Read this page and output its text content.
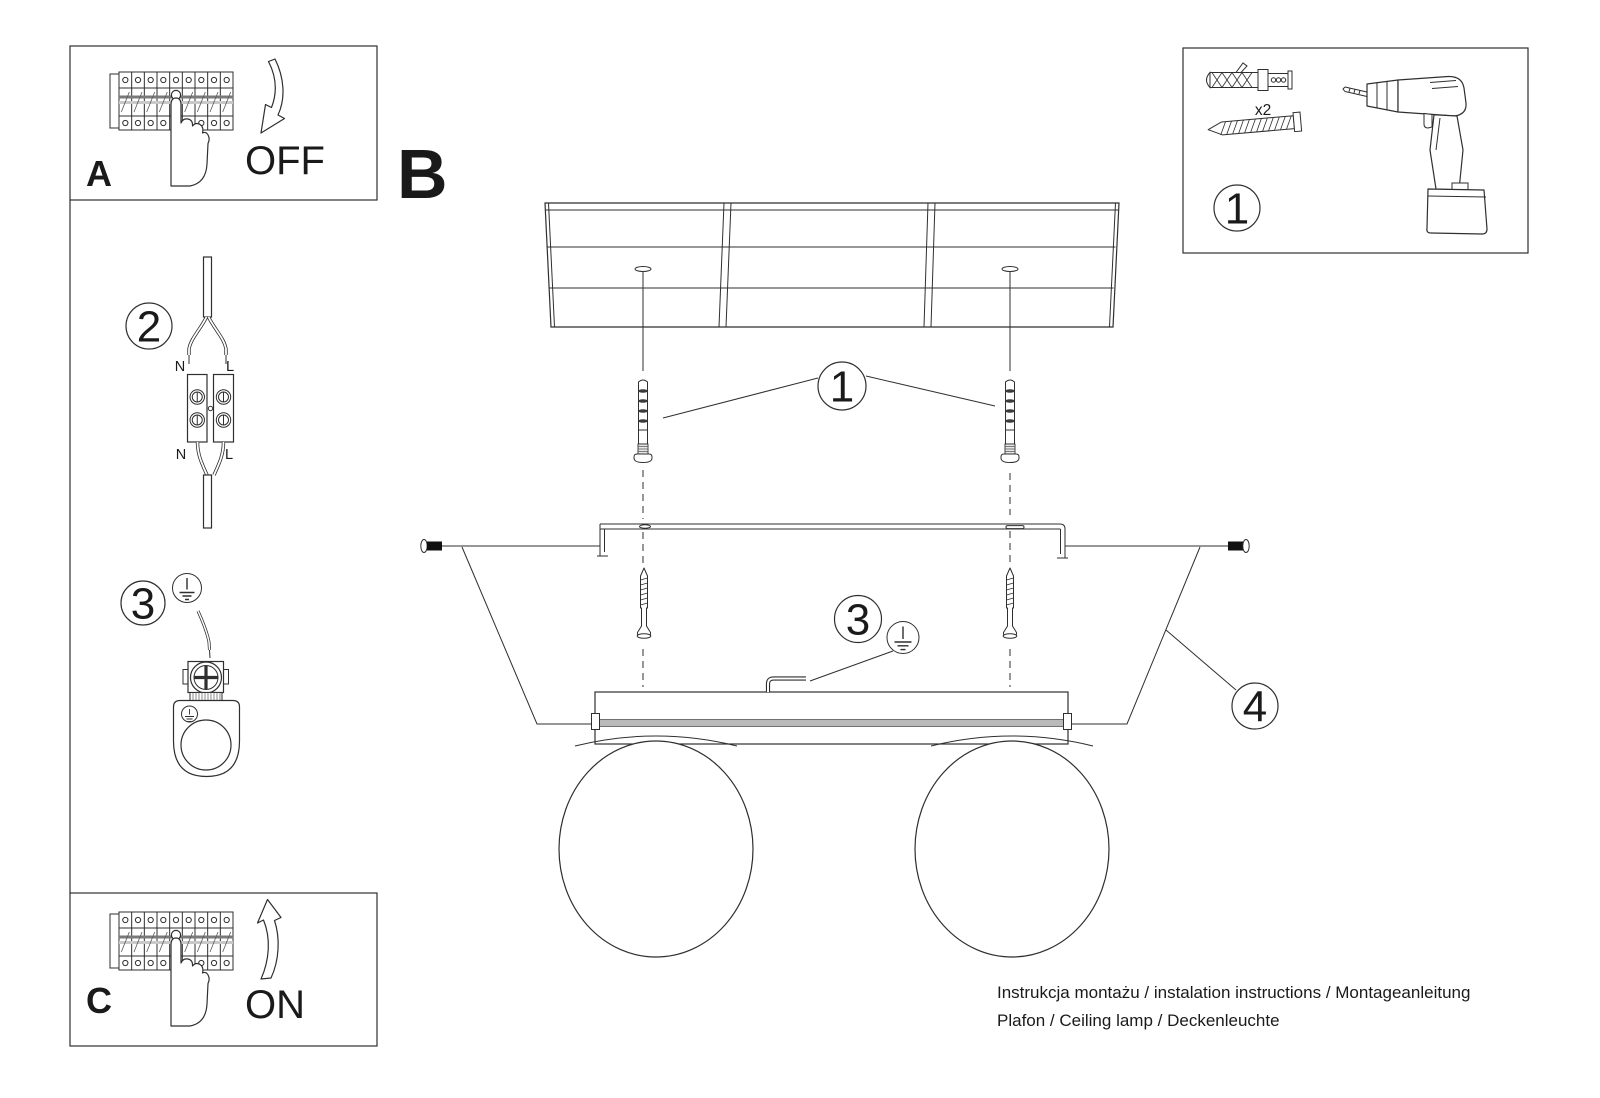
A	OFF
2
N	L
N	L
3
C	ON
B
1
4
3
x2
1
Instrukcja montażu / instalation instructions / Montageanleitung
Plafon / Ceiling lamp / Deckenleuchte
